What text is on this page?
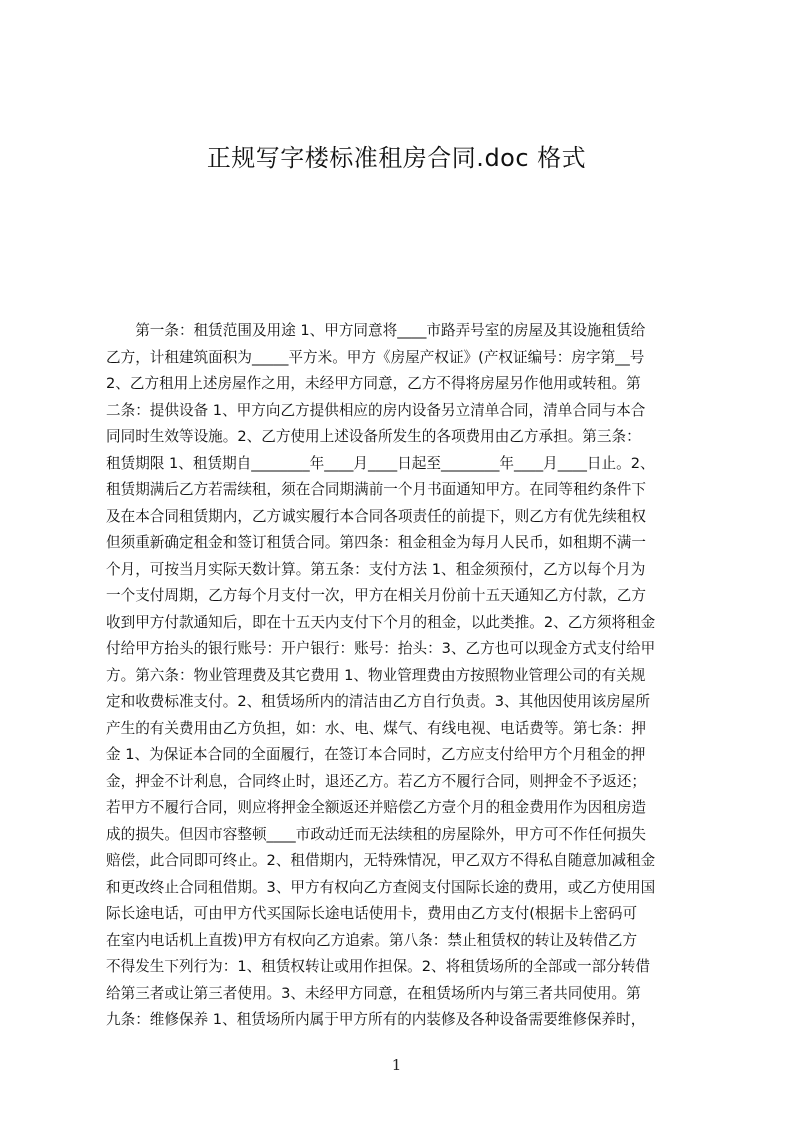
正规写字楼标准租房合同.doc 格式
　　第一条：租赁范围及用途 1、甲方同意将____市路弄号室的房屋及其设施租赁给
乙方，计租建筑面积为_____平方米。甲方《房屋产权证》(产权证编号：房字第__号
2、乙方租用上述房屋作之用，未经甲方同意，乙方不得将房屋另作他用或转租。第
二条：提供设备 1、甲方向乙方提供相应的房内设备另立清单合同，清单合同与本合
同同时生效等设施。2、乙方使用上述设备所发生的各项费用由乙方承担。第三条：
租赁期限 1、租赁期自________年____月____日起至________年____月____日止。2、
租赁期满后乙方若需续租，须在合同期满前一个月书面通知甲方。在同等租约条件下
及在本合同租赁期内，乙方诚实履行本合同各项责任的前提下，则乙方有优先续租权
但须重新确定租金和签订租赁合同。第四条：租金租金为每月人民币，如租期不满一
个月，可按当月实际天数计算。第五条：支付方法 1、租金须预付，乙方以每个月为
一个支付周期，乙方每个月支付一次，甲方在相关月份前十五天通知乙方付款，乙方
收到甲方付款通知后，即在十五天内支付下个月的租金，以此类推。2、乙方须将租金
付给甲方抬头的银行账号：开户银行：账号：抬头：3、乙方也可以现金方式支付给甲
方。第六条：物业管理费及其它费用 1、物业管理费由方按照物业管理公司的有关规
定和收费标准支付。2、租赁场所内的清洁由乙方自行负责。3、其他因使用该房屋所
产生的有关费用由乙方负担，如：水、电、煤气、有线电视、电话费等。第七条：押
金 1、为保证本合同的全面履行，在签订本合同时，乙方应支付给甲方个月租金的押
金，押金不计利息，合同终止时，退还乙方。若乙方不履行合同，则押金不予返还；
若甲方不履行合同，则应将押金全额返还并赔偿乙方壹个月的租金费用作为因租房造
成的损失。但因市容整顿____市政动迁而无法续租的房屋除外，甲方可不作任何损失
赔偿，此合同即可终止。2、租借期内，无特殊情况，甲乙双方不得私自随意加减租金
和更改终止合同租借期。3、甲方有权向乙方查阅支付国际长途的费用，或乙方使用国
际长途电话，可由甲方代买国际长途电话使用卡，费用由乙方支付(根据卡上密码可
在室内电话机上直拨)甲方有权向乙方追索。第八条：禁止租赁权的转让及转借乙方
不得发生下列行为：1、租赁权转让或用作担保。2、将租赁场所的全部或一部分转借
给第三者或让第三者使用。3、未经甲方同意，在租赁场所内与第三者共同使用。第
九条：维修保养 1、租赁场所内属于甲方所有的内装修及各种设备需要维修保养时，
1
